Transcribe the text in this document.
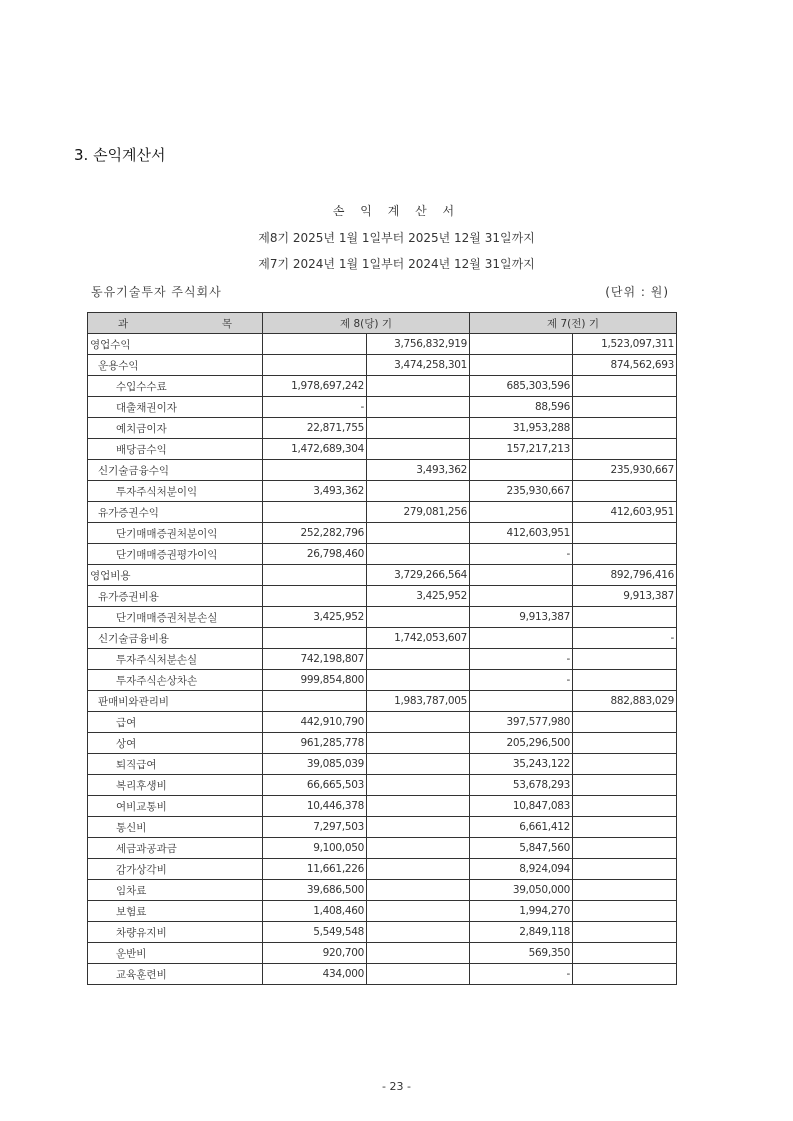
3. 손익계산서
손 익 계 산 서
제8기 2025년 1월 1일부터 2025년 12월 31일까지
제7기 2024년 1월 1일부터 2024년 12월 31일까지
동유기술투자 주식회사	(단위 : 원)
과 목	제 8(당) 기		제 7(전) 기	
영업수익		3,756,832,919		1,523,097,311
운용수익		3,474,258,301		874,562,693
수입수수료	1,978,697,242		685,303,596	
대출채권이자	-		88,596	
예치금이자	22,871,755		31,953,288	
배당금수익	1,472,689,304		157,217,213	
신기술금융수익		3,493,362		235,930,667
투자주식처분이익	3,493,362		235,930,667	
유가증권수익		279,081,256		412,603,951
단기매매증권처분이익	252,282,796		412,603,951	
단기매매증권평가이익	26,798,460		-	
영업비용		3,729,266,564		892,796,416
유가증권비용		3,425,952		9,913,387
단기매매증권처분손실	3,425,952		9,913,387	
신기술금융비용		1,742,053,607		-
투자주식처분손실	742,198,807		-	
투자주식손상차손	999,854,800		-	
판매비와관리비		1,983,787,005		882,883,029
급여	442,910,790		397,577,980	
상여	961,285,778		205,296,500	
퇴직급여	39,085,039		35,243,122	
복리후생비	66,665,503		53,678,293	
여비교통비	10,446,378		10,847,083	
통신비	7,297,503		6,661,412	
세금과공과금	9,100,050		5,847,560	
감가상각비	11,661,226		8,924,094	
임차료	39,686,500		39,050,000	
보험료	1,408,460		1,994,270	
차량유지비	5,549,548		2,849,118	
운반비	920,700		569,350	
교육훈련비	434,000		-	
- 23 -
